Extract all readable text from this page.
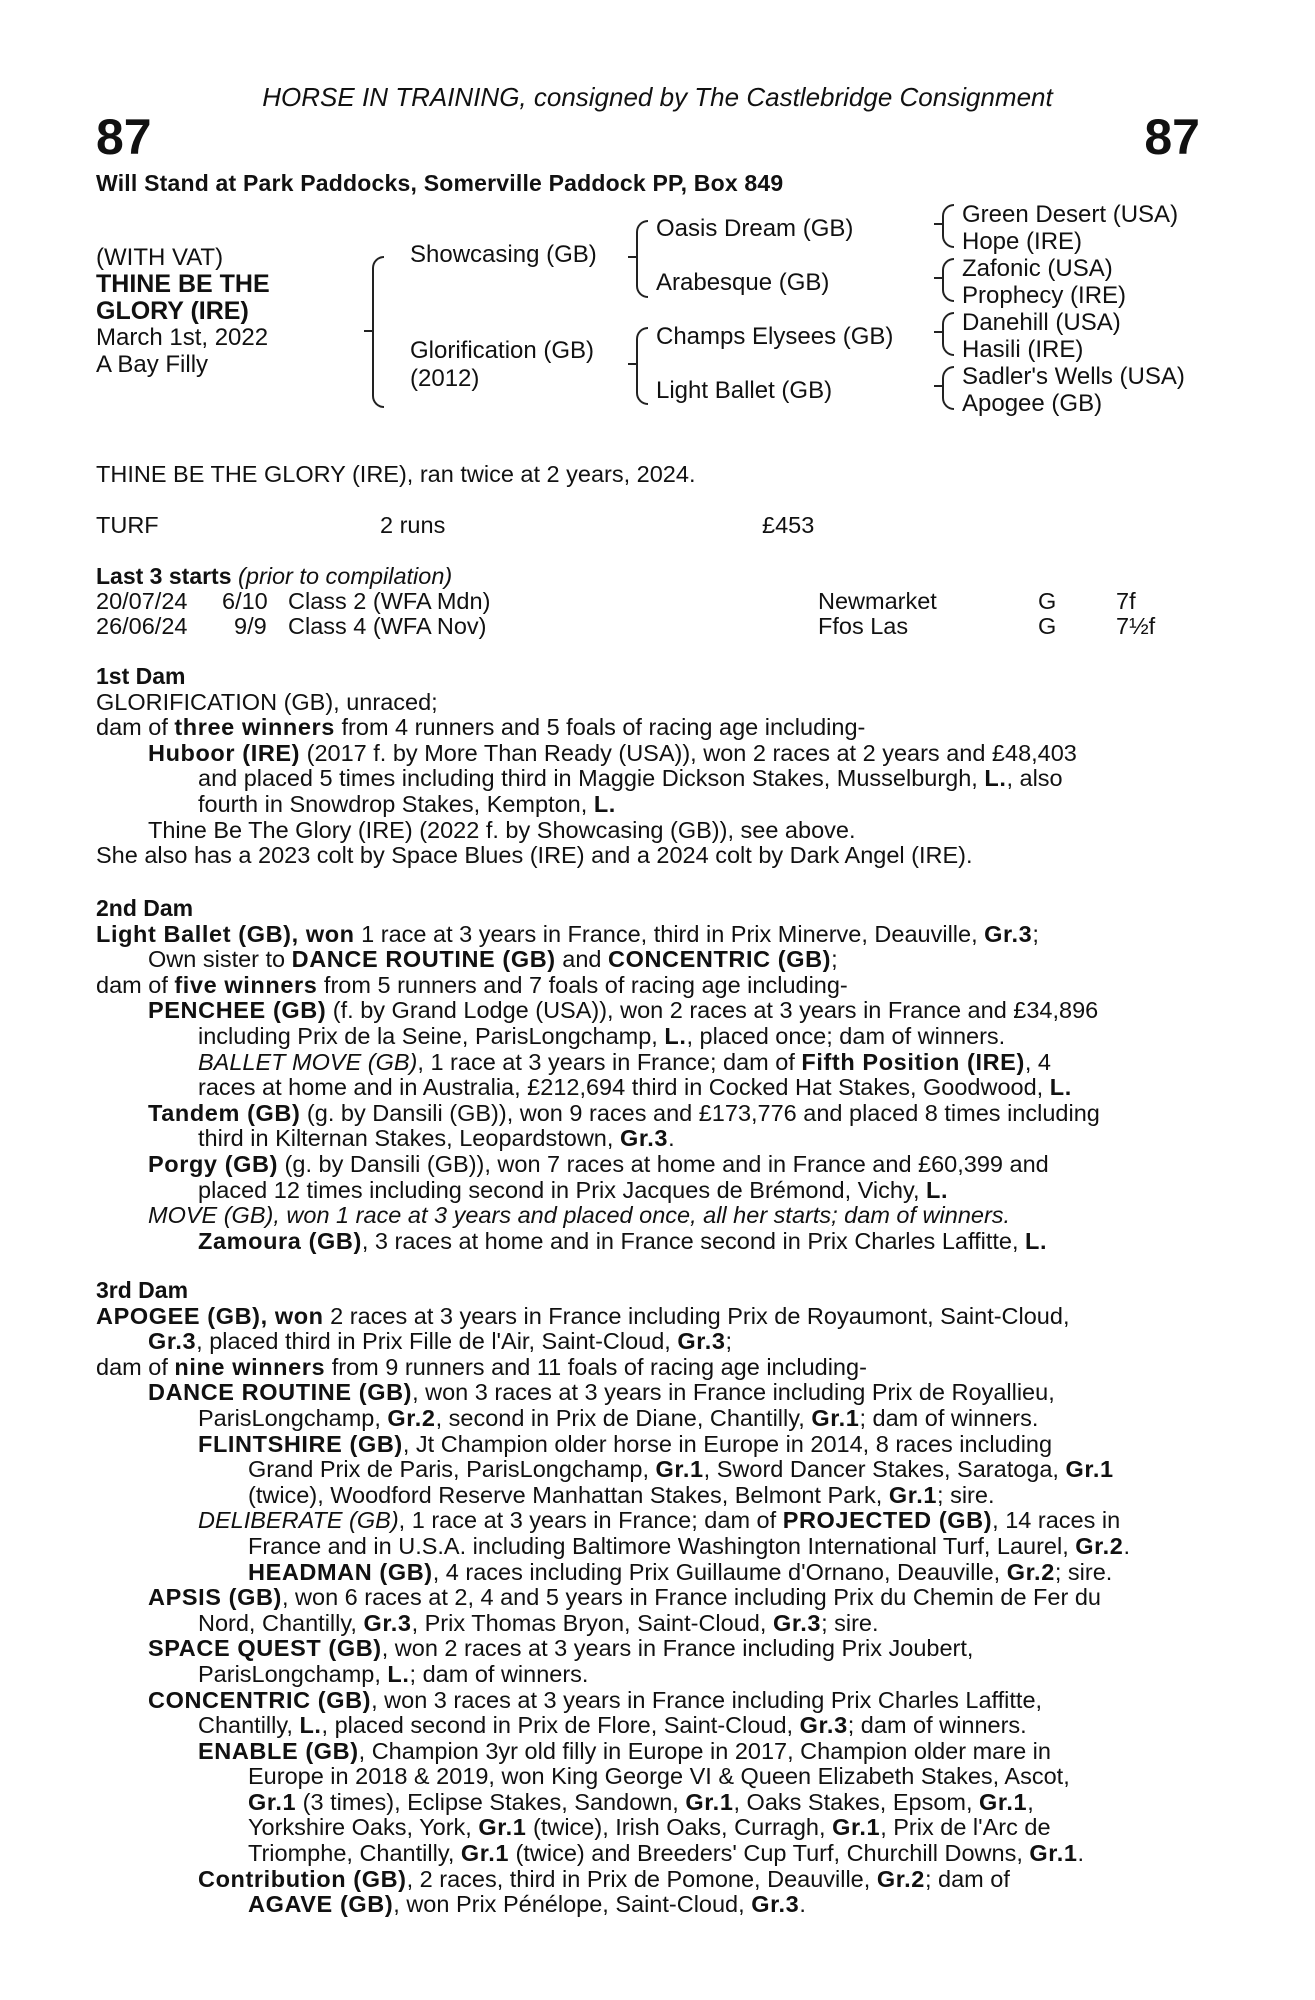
HORSE IN TRAINING, consigned by The Castlebridge Consignment
87	87
Will Stand at Park Paddocks, Somerville Paddock PP, Box 849
(WITH VAT)
THINE BE THE
GLORY (IRE)
March 1st, 2022
A Bay Filly
Showcasing (GB)
Glorification (GB)
(2012)
Oasis Dream (GB)
Arabesque (GB)
Champs Elysees (GB)
Light Ballet (GB)
Green Desert (USA)
Hope (IRE)
Zafonic (USA)
Prophecy (IRE)
Danehill (USA)
Hasili (IRE)
Sadler's Wells (USA)
Apogee (GB)
THINE BE THE GLORY (IRE), ran twice at 2 years, 2024.
TURF	2 runs	£453
Last 3 starts (prior to compilation)
20/07/24 6/10 Class 2 (WFA Mdn)	Newmarket	G	7f
26/06/24 9/9 Class 4 (WFA Nov)	Ffos Las	G	7½f
1st Dam
GLORIFICATION (GB), unraced;
dam of three winners from 4 runners and 5 foals of racing age including-
Huboor (IRE) (2017 f. by More Than Ready (USA)), won 2 races at 2 years and £48,403
and placed 5 times including third in Maggie Dickson Stakes, Musselburgh, L., also
fourth in Snowdrop Stakes, Kempton, L.
Thine Be The Glory (IRE) (2022 f. by Showcasing (GB)), see above.
She also has a 2023 colt by Space Blues (IRE) and a 2024 colt by Dark Angel (IRE).
2nd Dam
Light Ballet (GB), won 1 race at 3 years in France, third in Prix Minerve, Deauville, Gr.3;
Own sister to DANCE ROUTINE (GB) and CONCENTRIC (GB);
dam of five winners from 5 runners and 7 foals of racing age including-
PENCHEE (GB) (f. by Grand Lodge (USA)), won 2 races at 3 years in France and £34,896
including Prix de la Seine, ParisLongchamp, L., placed once; dam of winners.
BALLET MOVE (GB), 1 race at 3 years in France; dam of Fifth Position (IRE), 4
races at home and in Australia, £212,694 third in Cocked Hat Stakes, Goodwood, L.
Tandem (GB) (g. by Dansili (GB)), won 9 races and £173,776 and placed 8 times including
third in Kilternan Stakes, Leopardstown, Gr.3.
Porgy (GB) (g. by Dansili (GB)), won 7 races at home and in France and £60,399 and
placed 12 times including second in Prix Jacques de Brémond, Vichy, L.
MOVE (GB), won 1 race at 3 years and placed once, all her starts; dam of winners.
Zamoura (GB), 3 races at home and in France second in Prix Charles Laffitte, L.
3rd Dam
APOGEE (GB), won 2 races at 3 years in France including Prix de Royaumont, Saint-Cloud,
Gr.3, placed third in Prix Fille de l'Air, Saint-Cloud, Gr.3;
dam of nine winners from 9 runners and 11 foals of racing age including-
DANCE ROUTINE (GB), won 3 races at 3 years in France including Prix de Royallieu,
ParisLongchamp, Gr.2, second in Prix de Diane, Chantilly, Gr.1; dam of winners.
FLINTSHIRE (GB), Jt Champion older horse in Europe in 2014, 8 races including
Grand Prix de Paris, ParisLongchamp, Gr.1, Sword Dancer Stakes, Saratoga, Gr.1
(twice), Woodford Reserve Manhattan Stakes, Belmont Park, Gr.1; sire.
DELIBERATE (GB), 1 race at 3 years in France; dam of PROJECTED (GB), 14 races in
France and in U.S.A. including Baltimore Washington International Turf, Laurel, Gr.2.
HEADMAN (GB), 4 races including Prix Guillaume d'Ornano, Deauville, Gr.2; sire.
APSIS (GB), won 6 races at 2, 4 and 5 years in France including Prix du Chemin de Fer du
Nord, Chantilly, Gr.3, Prix Thomas Bryon, Saint-Cloud, Gr.3; sire.
SPACE QUEST (GB), won 2 races at 3 years in France including Prix Joubert,
ParisLongchamp, L.; dam of winners.
CONCENTRIC (GB), won 3 races at 3 years in France including Prix Charles Laffitte,
Chantilly, L., placed second in Prix de Flore, Saint-Cloud, Gr.3; dam of winners.
ENABLE (GB), Champion 3yr old filly in Europe in 2017, Champion older mare in
Europe in 2018 & 2019, won King George VI & Queen Elizabeth Stakes, Ascot,
Gr.1 (3 times), Eclipse Stakes, Sandown, Gr.1, Oaks Stakes, Epsom, Gr.1,
Yorkshire Oaks, York, Gr.1 (twice), Irish Oaks, Curragh, Gr.1, Prix de l'Arc de
Triomphe, Chantilly, Gr.1 (twice) and Breeders' Cup Turf, Churchill Downs, Gr.1.
Contribution (GB), 2 races, third in Prix de Pomone, Deauville, Gr.2; dam of
AGAVE (GB), won Prix Pénélope, Saint-Cloud, Gr.3.
